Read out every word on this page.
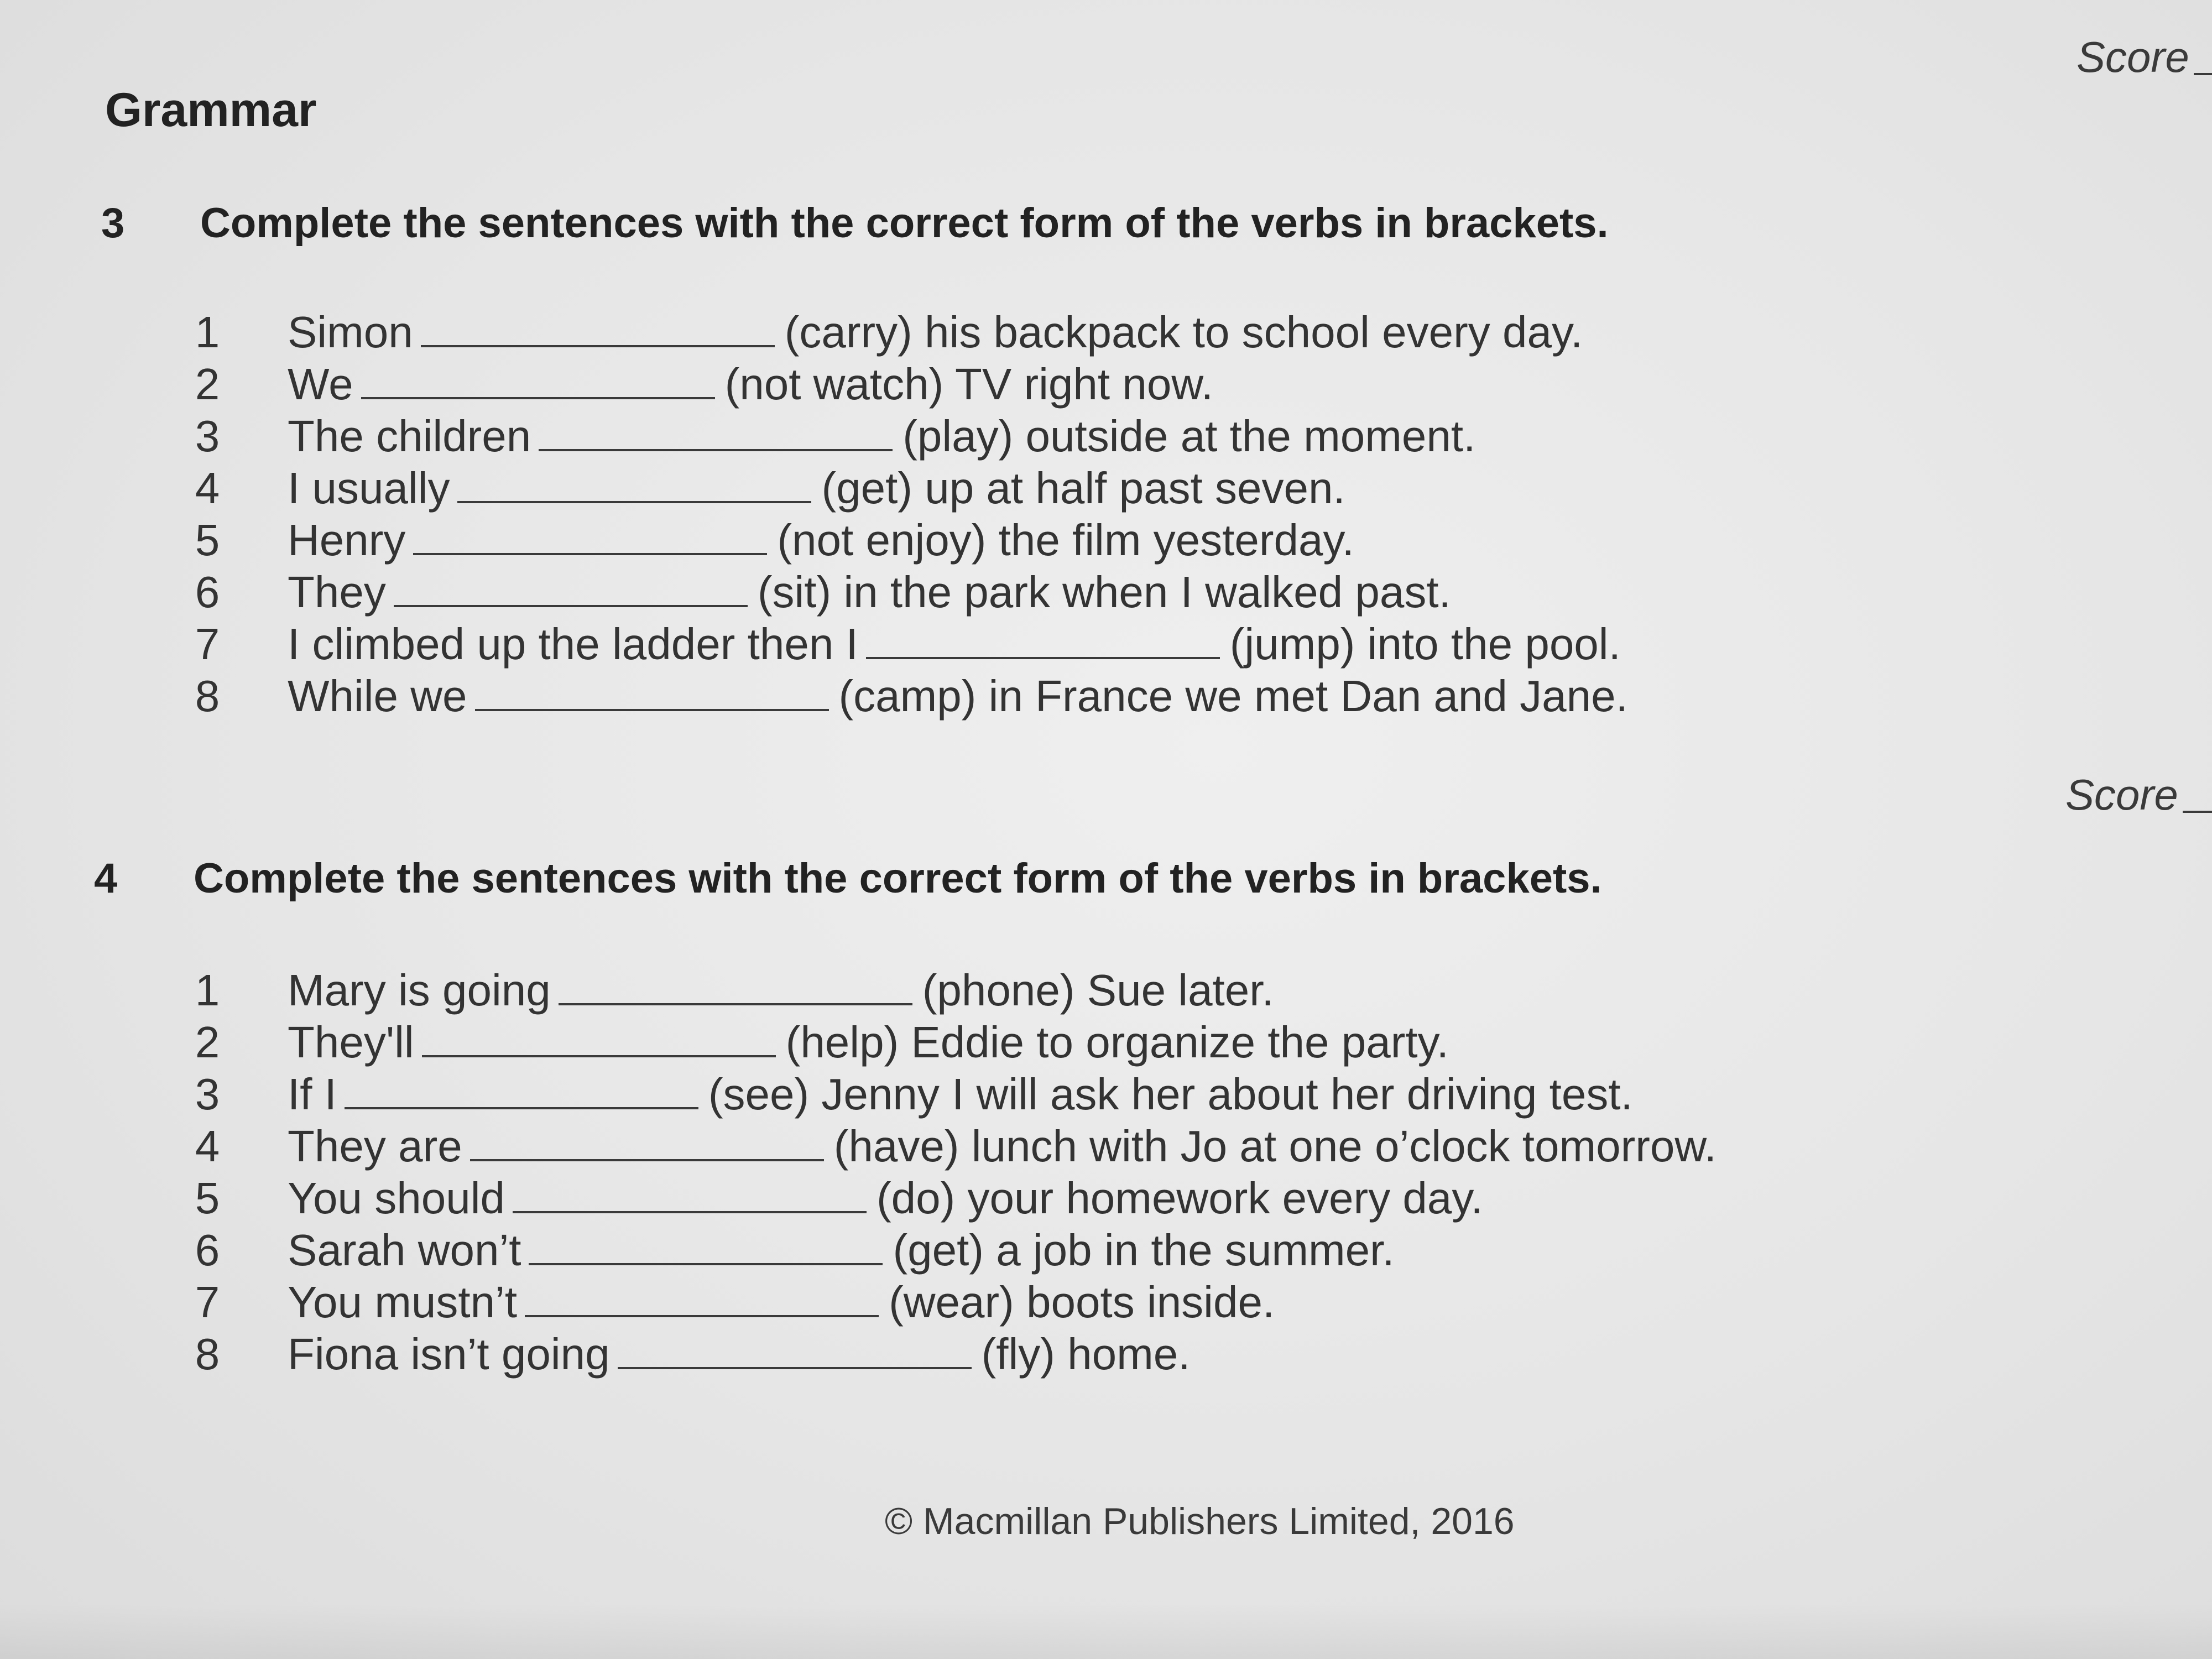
Score
Grammar
3 Complete the sentences with the correct form of the verbs in brackets.
1 Simon	(carry) his backpack to school every day.
2 We	(not watch) TV right now.
3 The children	(play) outside at the moment.
4 I usually	(get) up at half past seven.
5 Henry	(not enjoy) the film yesterday.
6 They	(sit) in the park when I walked past.
7 I climbed up the ladder then I	(jump) into the pool.
8 While we	(camp) in France we met Dan and Jane.
Score
4 Complete the sentences with the correct form of the verbs in brackets.
1 Mary is going	(phone) Sue later.
2 They'll	(help) Eddie to organize the party.
3 If I	(see) Jenny I will ask her about her driving test.
4 They are	(have) lunch with Jo at one o’clock tomorrow.
5 You should	(do) your homework every day.
6 Sarah won’t	(get) a job in the summer.
7 You mustn’t	(wear) boots inside.
8 Fiona isn’t going	(fly) home.
© Macmillan Publishers Limited, 2016
